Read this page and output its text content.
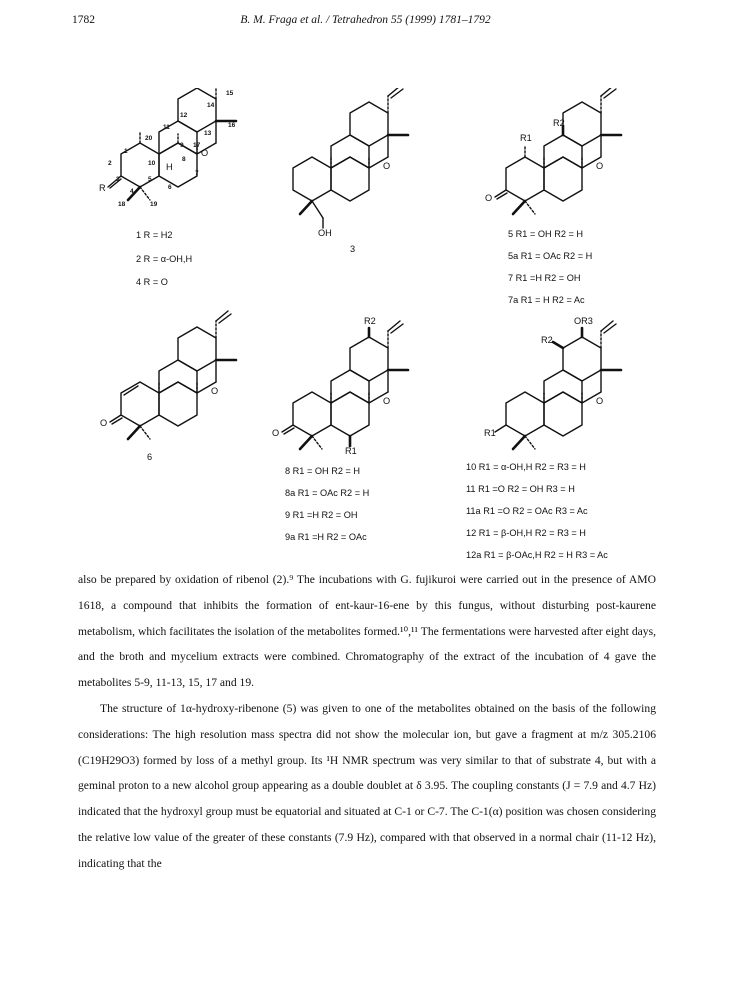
1782	B. M. Fraga et al. / Tetrahedron 55 (1999) 1781–1792
15
14
12
16
11
13
20
9 17
1	O
2	10
8
H
7
5
3
R	6
4
18	19
O
OH
R1
R2
O
O
O
O
R2
O
O
R1
OR3
R2
O
R1
1 R = H2
2 R = α-OH,H
4 R = O
3
5 R1 = OH R2 = H
5a R1 = OAc R2 = H
7 R1 =H R2 = OH
7a R1 = H R2 = Ac
6
8 R1 = OH R2 = H
8a R1 = OAc R2 = H
9 R1 =H R2 = OH
9a R1 =H R2 = OAc
10 R1 = α-OH,H R2 = R3 = H
11 R1 =O R2 = OH R3 = H
11a R1 =O R2 = OAc R3 = Ac
12 R1 = β-OH,H R2 = R3 = H
12a R1 = β-OAc,H R2 = H R3 = Ac

also be prepared by oxidation of ribenol (2).⁹ The incubations with G. fujikuroi were carried out in the presence of AMO 1618, a compound that inhibits the formation of ent-kaur-16-ene by this fungus, without disturbing post-kaurene metabolism, which facilitates the isolation of the metabolites formed.¹⁰,¹¹ The fermentations were harvested after eight days, and the broth and mycelium extracts were combined. Chromatography of the extract of the incubation of 4 gave the metabolites 5-9, 11-13, 15, 17 and 19.

The structure of 1α-hydroxy-ribenone (5) was given to one of the metabolites obtained on the basis of the following considerations: The high resolution mass spectra did not show the molecular ion, but gave a fragment at m/z 305.2106 (C19H29O3) formed by loss of a methyl group. Its ¹H NMR spectrum was very similar to that of substrate 4, but with a geminal proton to a new alcohol group appearing as a double doublet at δ 3.95. The coupling constants (J = 7.9 and 4.7 Hz) indicated that the hydroxyl group must be equatorial and situated at C-1 or C-7. The C-1(α) position was chosen considering the relative low value of the greater of these constants (7.9 Hz), compared with that observed in a normal chair (11-12 Hz), indicating that the
